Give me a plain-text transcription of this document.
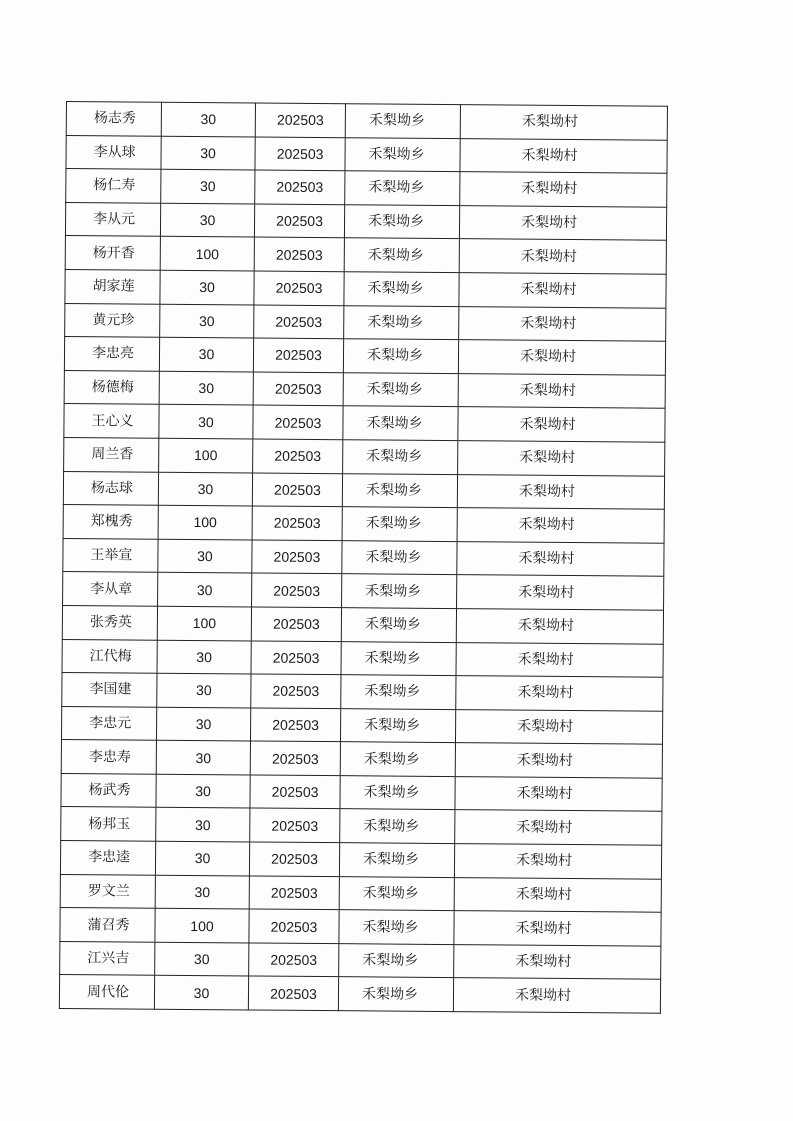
杨志秀	30	202503	禾梨坳乡	禾梨坳村
李从球	30	202503	禾梨坳乡	禾梨坳村
杨仁寿	30	202503	禾梨坳乡	禾梨坳村
李从元	30	202503	禾梨坳乡	禾梨坳村
杨开香	100	202503	禾梨坳乡	禾梨坳村
胡家莲	30	202503	禾梨坳乡	禾梨坳村
黄元珍	30	202503	禾梨坳乡	禾梨坳村
李忠亮	30	202503	禾梨坳乡	禾梨坳村
杨德梅	30	202503	禾梨坳乡	禾梨坳村
王心义	30	202503	禾梨坳乡	禾梨坳村
周兰香	100	202503	禾梨坳乡	禾梨坳村
杨志球	30	202503	禾梨坳乡	禾梨坳村
郑槐秀	100	202503	禾梨坳乡	禾梨坳村
王举宣	30	202503	禾梨坳乡	禾梨坳村
李从章	30	202503	禾梨坳乡	禾梨坳村
张秀英	100	202503	禾梨坳乡	禾梨坳村
江代梅	30	202503	禾梨坳乡	禾梨坳村
李国建	30	202503	禾梨坳乡	禾梨坳村
李忠元	30	202503	禾梨坳乡	禾梨坳村
李忠寿	30	202503	禾梨坳乡	禾梨坳村
杨武秀	30	202503	禾梨坳乡	禾梨坳村
杨邦玉	30	202503	禾梨坳乡	禾梨坳村
李忠逵	30	202503	禾梨坳乡	禾梨坳村
罗文兰	30	202503	禾梨坳乡	禾梨坳村
蒲召秀	100	202503	禾梨坳乡	禾梨坳村
江兴吉	30	202503	禾梨坳乡	禾梨坳村
周代伦	30	202503	禾梨坳乡	禾梨坳村
